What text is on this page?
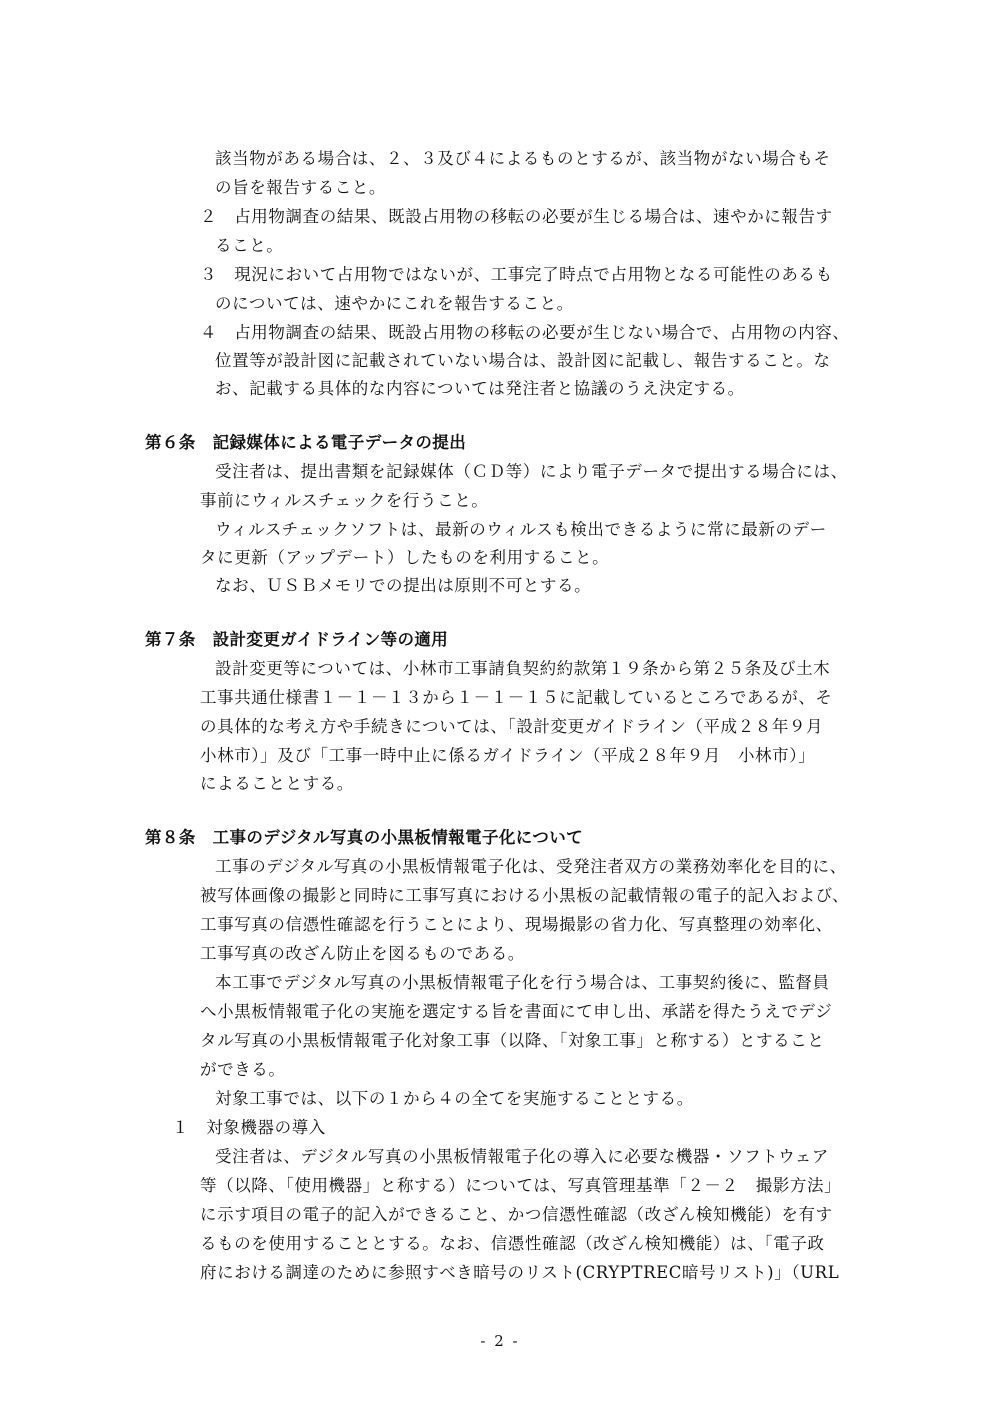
該当物がある場合は、２、３及び４によるものとするが、該当物がない場合もそ
の旨を報告すること。
２　占用物調査の結果、既設占用物の移転の必要が生じる場合は、速やかに報告す
ること。
３　現況において占用物ではないが、工事完了時点で占用物となる可能性のあるも
のについては、速やかにこれを報告すること。
４　占用物調査の結果、既設占用物の移転の必要が生じない場合で、占用物の内容、
位置等が設計図に記載されていない場合は、設計図に記載し、報告すること。な
お、記載する具体的な内容については発注者と協議のうえ決定する。
第６条　記録媒体による電子データの提出
受注者は、提出書類を記録媒体（ＣＤ等）により電子データで提出する場合には、
事前にウィルスチェックを行うこと。
ウィルスチェックソフトは、最新のウィルスも検出できるように常に最新のデー
タに更新（アップデート）したものを利用すること。
なお、ＵＳＢメモリでの提出は原則不可とする。
第７条　設計変更ガイドライン等の適用
設計変更等については、小林市工事請負契約約款第１９条から第２５条及び土木
工事共通仕様書１－１－１３から１－１－１５に記載しているところであるが、そ
の具体的な考え方や手続きについては、「設計変更ガイドライン（平成２８年９月
小林市）」及び「工事一時中止に係るガイドライン（平成２８年９月　小林市）」
によることとする。
第８条　工事のデジタル写真の小黒板情報電子化について
工事のデジタル写真の小黒板情報電子化は、受発注者双方の業務効率化を目的に、
被写体画像の撮影と同時に工事写真における小黒板の記載情報の電子的記入および、
工事写真の信憑性確認を行うことにより、現場撮影の省力化、写真整理の効率化、
工事写真の改ざん防止を図るものである。
本工事でデジタル写真の小黒板情報電子化を行う場合は、工事契約後に、監督員
へ小黒板情報電子化の実施を選定する旨を書面にて申し出、承諾を得たうえでデジ
タル写真の小黒板情報電子化対象工事（以降、「対象工事」と称する）とすること
ができる。
対象工事では、以下の１から４の全てを実施することとする。
１　対象機器の導入
受注者は、デジタル写真の小黒板情報電子化の導入に必要な機器・ソフトウェア
等（以降、「使用機器」と称する）については、写真管理基準「２－２　撮影方法」
に示す項目の電子的記入ができること、かつ信憑性確認（改ざん検知機能）を有す
るものを使用することとする。なお、信憑性確認（改ざん検知機能）は、「電子政
府における調達のために参照すべき暗号のリスト(CRYPTREC暗号リスト)」（URL
- 2 -
